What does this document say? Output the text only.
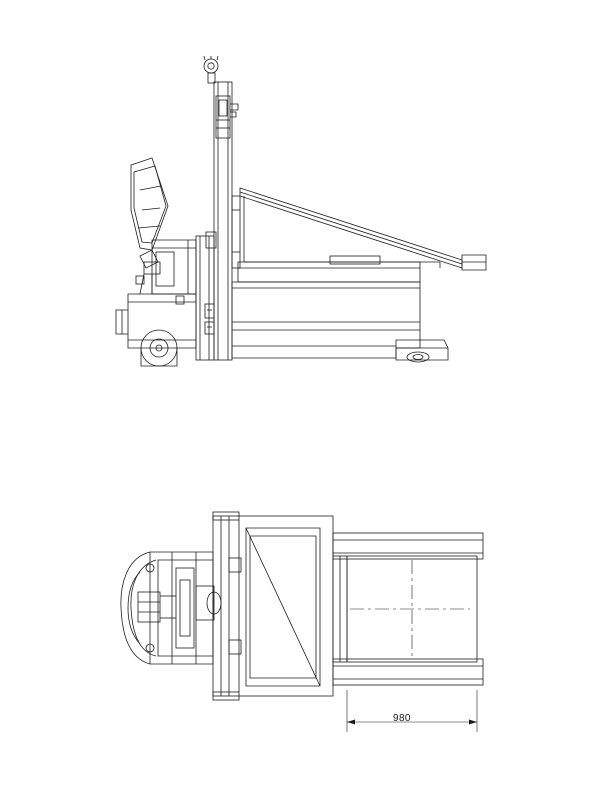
980
